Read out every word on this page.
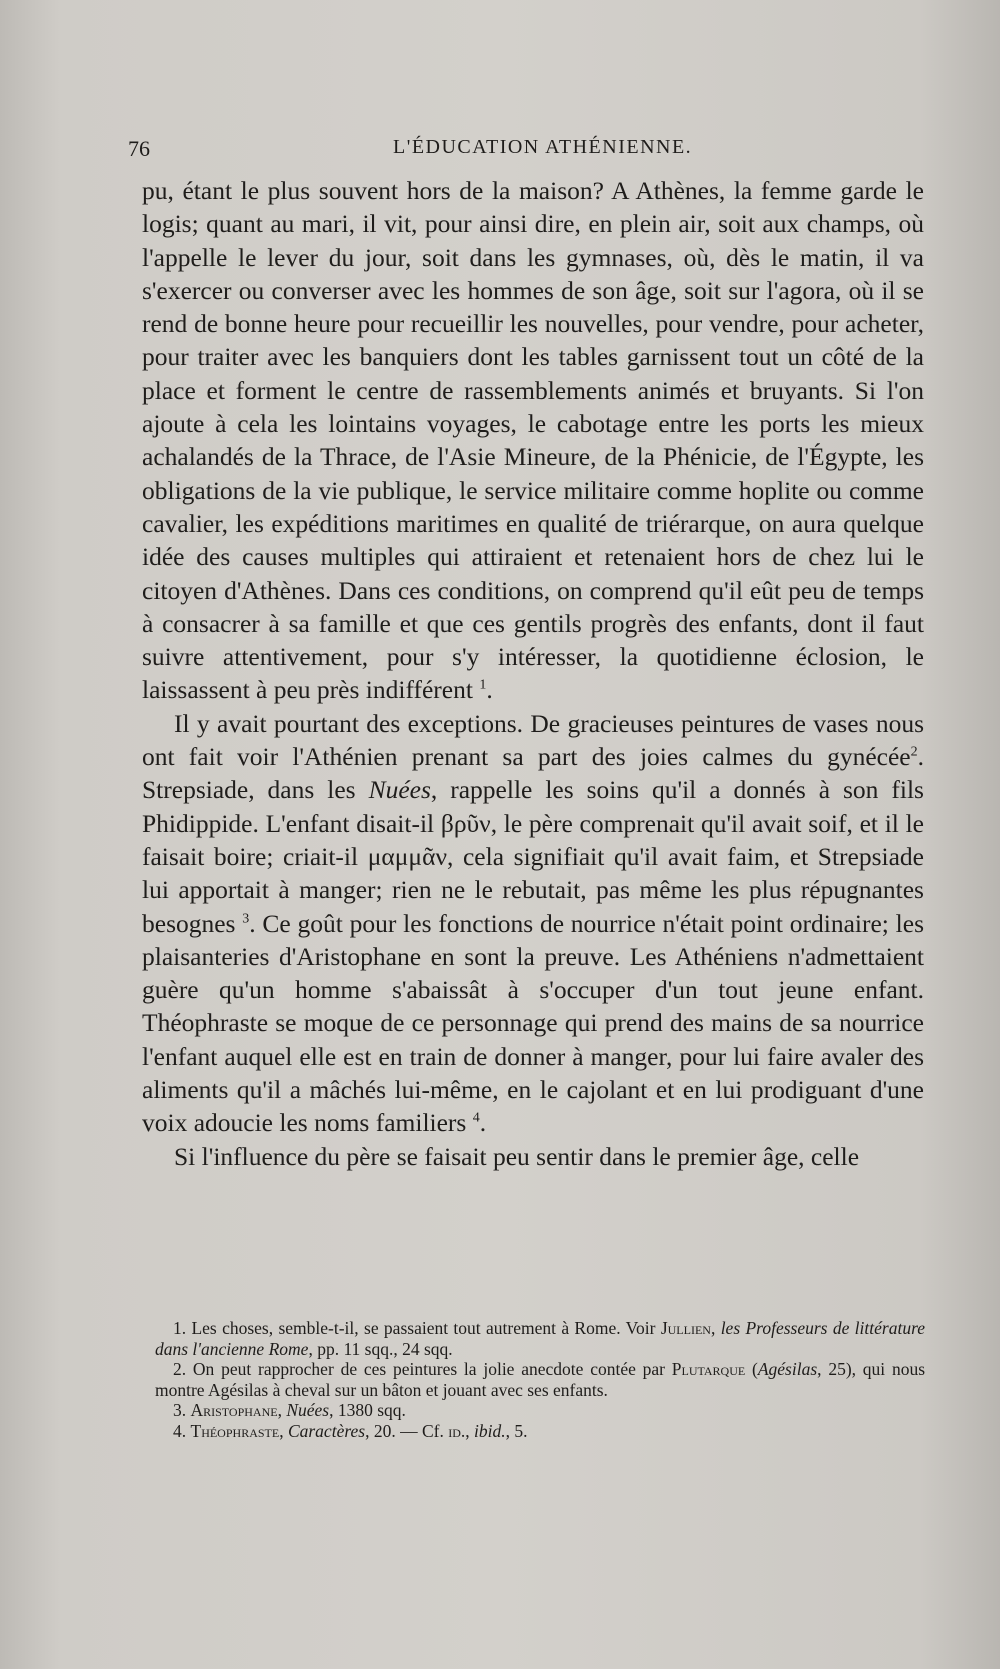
76	L'ÉDUCATION ATHÉNIENNE.

pu, étant le plus souvent hors de la maison? A Athènes, la femme garde le logis; quant au mari, il vit, pour ainsi dire, en plein air, soit aux champs, où l'appelle le lever du jour, soit dans les gymnases, où, dès le matin, il va s'exercer ou converser avec les hommes de son âge, soit sur l'agora, où il se rend de bonne heure pour recueillir les nouvelles, pour vendre, pour acheter, pour traiter avec les banquiers dont les tables garnissent tout un côté de la place et forment le centre de rassemblements animés et bruyants. Si l'on ajoute à cela les lointains voyages, le cabotage entre les ports les mieux achalandés de la Thrace, de l'Asie Mineure, de la Phénicie, de l'Égypte, les obligations de la vie publique, le service militaire comme hoplite ou comme cavalier, les expéditions maritimes en qualité de triérarque, on aura quelque idée des causes multiples qui attiraient et retenaient hors de chez lui le citoyen d'Athènes. Dans ces conditions, on comprend qu'il eût peu de temps à consacrer à sa famille et que ces gentils progrès des enfants, dont il faut suivre attentivement, pour s'y intéresser, la quotidienne éclosion, le laissassent à peu près indifférent $^1$.

Il y avait pourtant des exceptions. De gracieuses peintures de vases nous ont fait voir l'Athénien prenant sa part des joies calmes du gynécée$^2$. Strepsiade, dans les Nuées, rappelle les soins qu'il a donnés à son fils Phidippide. L'enfant disait-il βρῦν, le père comprenait qu'il avait soif, et il le faisait boire; criait-il μαμμᾶν, cela signifiait qu'il avait faim, et Strepsiade lui apportait à manger; rien ne le rebutait, pas même les plus répugnantes besognes $^3$. Ce goût pour les fonctions de nourrice n'était point ordinaire; les plaisanteries d'Aristophane en sont la preuve. Les Athéniens n'admettaient guère qu'un homme s'abaissât à s'occuper d'un tout jeune enfant. Théophraste se moque de ce personnage qui prend des mains de sa nourrice l'enfant auquel elle est en train de donner à manger, pour lui faire avaler des aliments qu'il a mâchés lui-même, en le cajolant et en lui prodiguant d'une voix adoucie les noms familiers $^4$.

Si l'influence du père se faisait peu sentir dans le premier âge, celle

1. Les choses, semble-t-il, se passaient tout autrement à Rome. Voir Jullien, les Professeurs de littérature dans l'ancienne Rome, pp. 11 sqq., 24 sqq.

2. On peut rapprocher de ces peintures la jolie anecdote contée par Plutarque (Agésilas, 25), qui nous montre Agésilas à cheval sur un bâton et jouant avec ses enfants.

3. Aristophane, Nuées, 1380 sqq.

4. Théophraste, Caractères, 20. — Cf. id., ibid., 5.
